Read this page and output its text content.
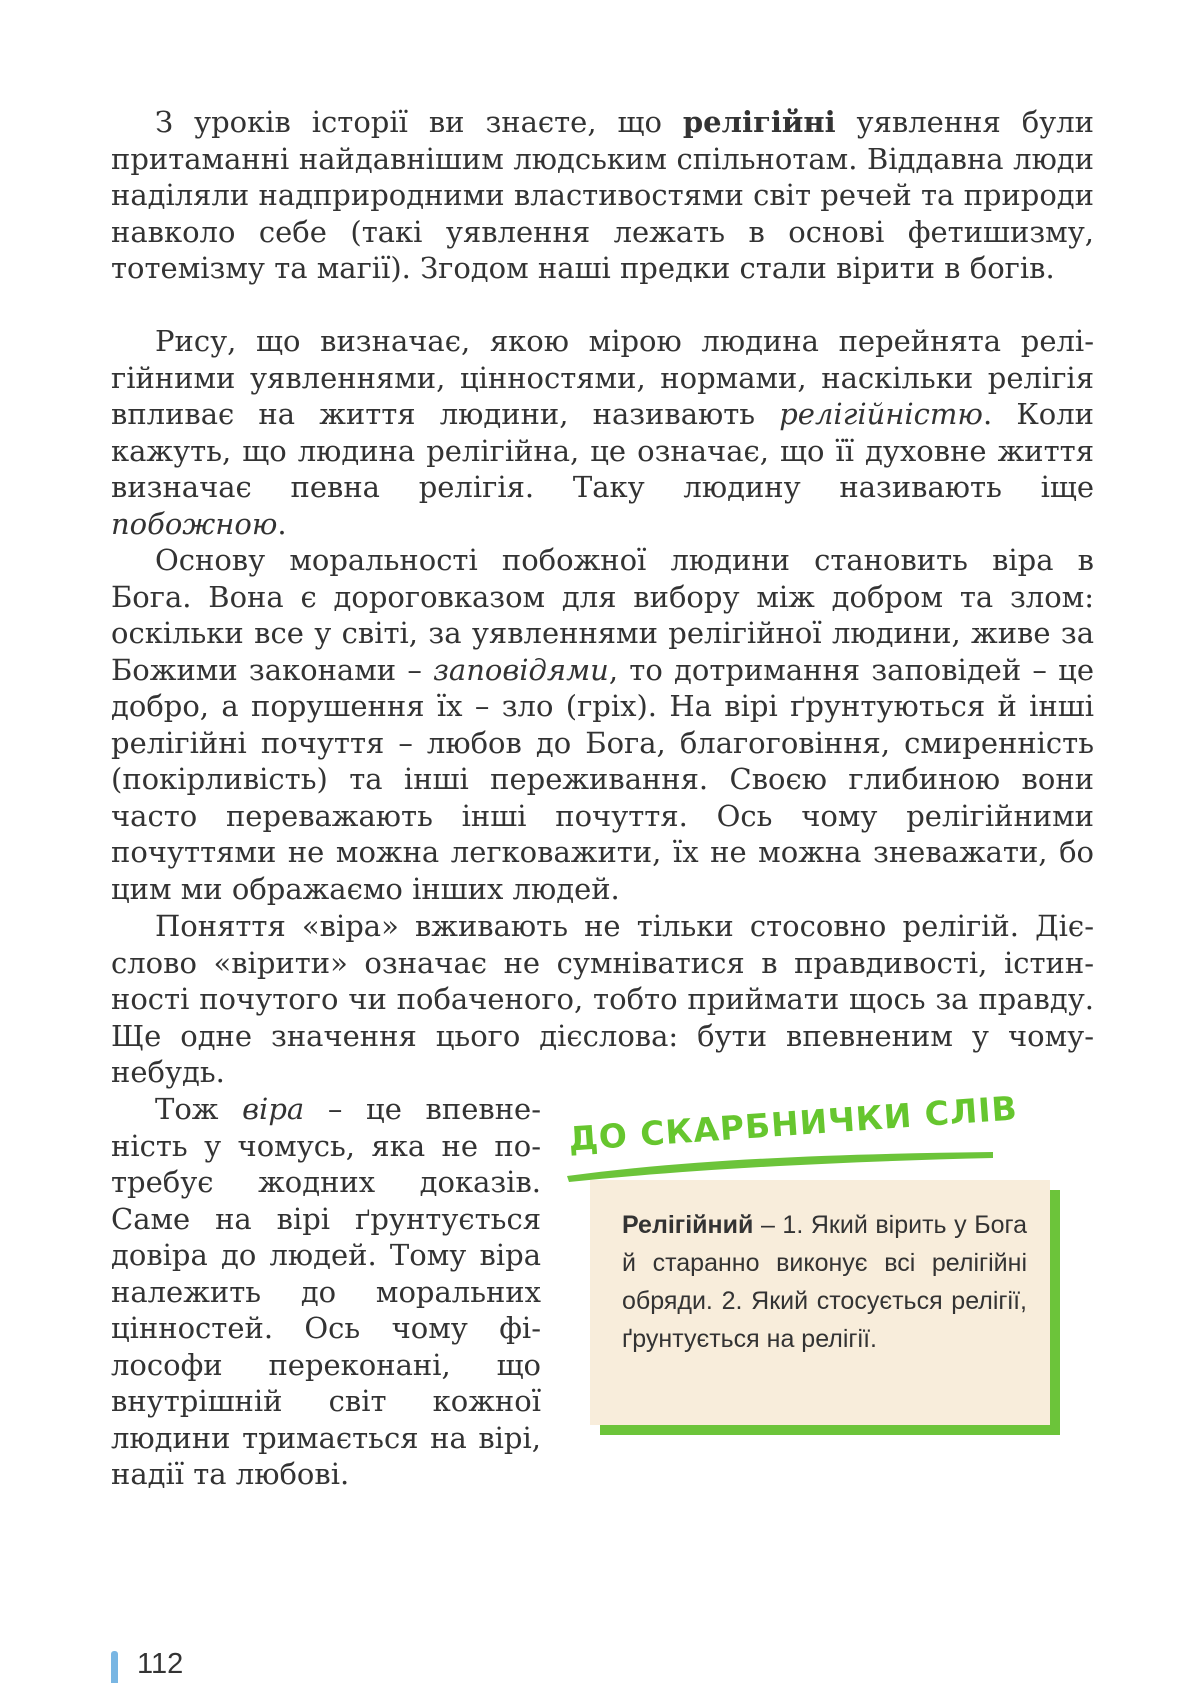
З уроків історії ви знаєте, що релігійні уявлення були притаманні найдавнішим людським спільнотам. Віддавна люди наділяли надприродними властивостями світ речей та природи навколо себе (такі уявлення лежать в основі фетишизму, тотемізму та магії). Згодом наші предки стали вірити в богів.

Рису, що визначає, якою мірою людина перейнята релігійними уявленнями, цінностями, нормами, наскільки релігія впливає на життя людини, називають релігійністю. Коли кажуть, що людина релігійна, це означає, що її духовне життя визначає певна релігія. Таку людину називають іще побожною.

Основу моральності побожної людини становить віра в Бога. Вона є дороговказом для вибору між добром та злом: оскільки все у світі, за уявленнями релігійної людини, живе за Божими законами – заповідями, то дотримання заповідей – це добро, а порушення їх – зло (гріх). На вірі ґрунтуються й інші релігійні почуття – любов до Бога, благоговіння, смиренність (покірливість) та інші переживання. Своєю глибиною вони часто переважають інші почуття. Ось чому релігійними почуттями не можна легковажити, їх не можна зневажати, бо цим ми ображаємо інших людей.

Поняття «віра» вживають не тільки стосовно релігій. Дієслово «вірити» означає не сумніватися в правдивості, істинності почутого чи побаченого, тобто приймати щось за правду. Ще одне значення цього дієслова: бути впевненим у чому-небудь.

Тож віра – це впевненість у чомусь, яка не потребує жодних доказів. Саме на вірі ґрунтується довіра до людей. Тому віра належить до моральних цінностей. Ось чому філософи переконані, що внутрішній світ кожної людини тримається на вірі, надії та любові.

ДО СКАРБНИЧКИ СЛІВ
Релігійний – 1. Який вірить у Бога й старанно виконує всі релігійні обряди. 2. Який стосується релігії, ґрунтується на релігії.
112
